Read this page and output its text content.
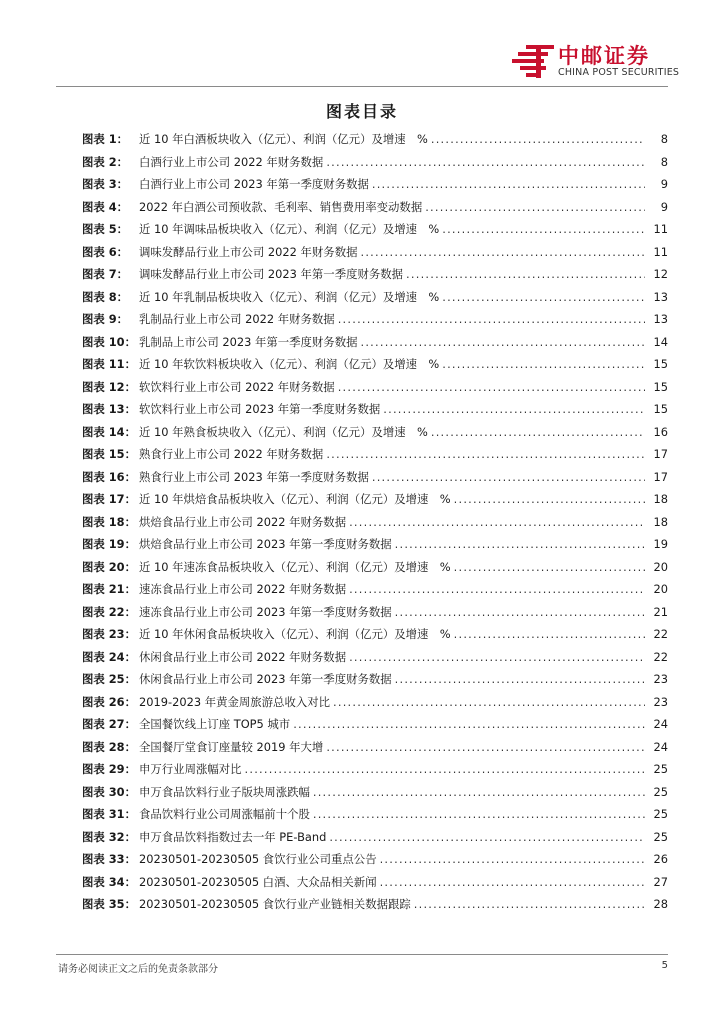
中邮证券
CHINA POST SECURITIES
图表目录
图表 1： 近 10 年白酒板块收入（亿元）、利润（亿元）及增速　% . . .	8
图表 2： 白酒行业上市公司 2022 年财务数据 . . .	8
图表 3： 白酒行业上市公司 2023 年第一季度财务数据 . . .	9
图表 4： 2022 年白酒公司预收款、毛利率、销售费用率变动数据 . . .	9
图表 5： 近 10 年调味品板块收入（亿元）、利润（亿元）及增速　% . . .	11
图表 6： 调味发酵品行业上市公司 2022 年财务数据 . . .	11
图表 7： 调味发酵品行业上市公司 2023 年第一季度财务数据 . . .	12
图表 8： 近 10 年乳制品板块收入（亿元）、利润（亿元）及增速　% . . .	13
图表 9： 乳制品行业上市公司 2022 年财务数据 . . .	13
图表 10： 乳制品上市公司 2023 年第一季度财务数据 . . .	14
图表 11： 近 10 年软饮料板块收入（亿元）、利润（亿元）及增速　% . . .	15
图表 12： 软饮料行业上市公司 2022 年财务数据 . . .	15
图表 13： 软饮料行业上市公司 2023 年第一季度财务数据 . . .	15
图表 14： 近 10 年熟食板块收入（亿元）、利润（亿元）及增速　% . . .	16
图表 15： 熟食行业上市公司 2022 年财务数据 . . .	17
图表 16： 熟食行业上市公司 2023 年第一季度财务数据 . . .	17
图表 17： 近 10 年烘焙食品板块收入（亿元）、利润（亿元）及增速　% . . .	18
图表 18： 烘焙食品行业上市公司 2022 年财务数据 . . .	18
图表 19： 烘焙食品行业上市公司 2023 年第一季度财务数据 . . .	19
图表 20： 近 10 年速冻食品板块收入（亿元）、利润（亿元）及增速　% . . .	20
图表 21： 速冻食品行业上市公司 2022 年财务数据 . . .	20
图表 22： 速冻食品行业上市公司 2023 年第一季度财务数据 . . .	21
图表 23： 近 10 年休闲食品板块收入（亿元）、利润（亿元）及增速　% . . .	22
图表 24： 休闲食品行业上市公司 2022 年财务数据 . . .	22
图表 25： 休闲食品行业上市公司 2023 年第一季度财务数据 . . .	23
图表 26： 2019-2023 年黄金周旅游总收入对比 . . .	23
图表 27： 全国餐饮线上订座 TOP5 城市 . . .	24
图表 28： 全国餐厅堂食订座量较 2019 年大增 . . .	24
图表 29： 申万行业周涨幅对比 . . .	25
图表 30： 申万食品饮料行业子版块周涨跌幅 . . .	25
图表 31： 食品饮料行业公司周涨幅前十个股 . . .	25
图表 32： 申万食品饮料指数过去一年 PE-Band . . .	25
图表 33： 20230501-20230505 食饮行业公司重点公告 . . .	26
图表 34： 20230501-20230505 白酒、大众品相关新闻 . . .	27
图表 35： 20230501-20230505 食饮行业产业链相关数据跟踪 . . .	28
请务必阅读正文之后的免责条款部分	5
